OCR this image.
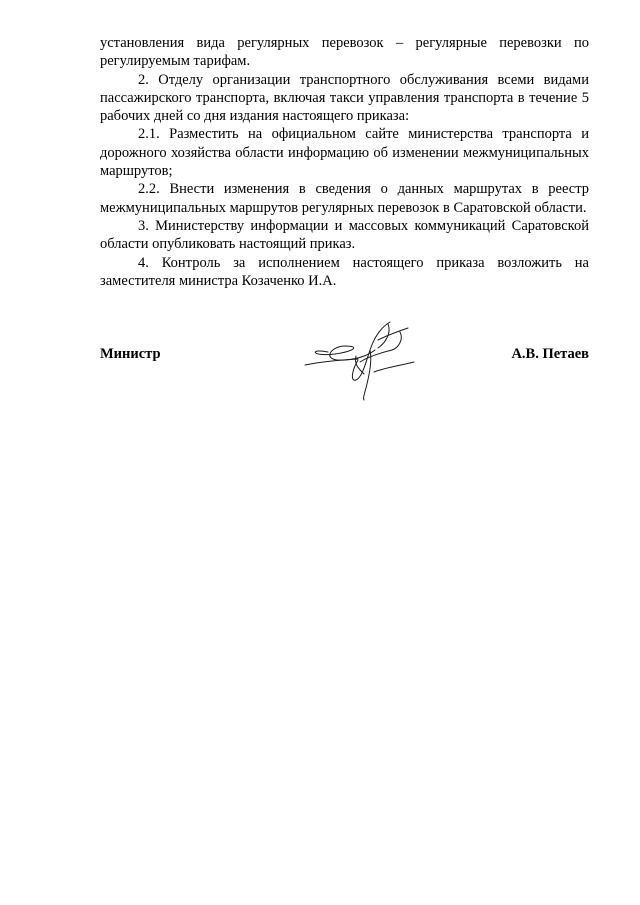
установления вида регулярных перевозок – регулярные перевозки по регулируемым тарифам.

2. Отделу организации транспортного обслуживания всеми видами пассажирского транспорта, включая такси управления транспорта в течение 5 рабочих дней со дня издания настоящего приказа:

2.1. Разместить на официальном сайте министерства транспорта и дорожного хозяйства области информацию об изменении межмуниципальных маршрутов;

2.2. Внести изменения в сведения о данных маршрутах в реестр межмуниципальных маршрутов регулярных перевозок в Саратовской области.

3. Министерству информации и массовых коммуникаций Саратовской области опубликовать настоящий приказ.

4. Контроль за исполнением настоящего приказа возложить на заместителя министра Козаченко И.А.

Министр	А.В. Петаев
